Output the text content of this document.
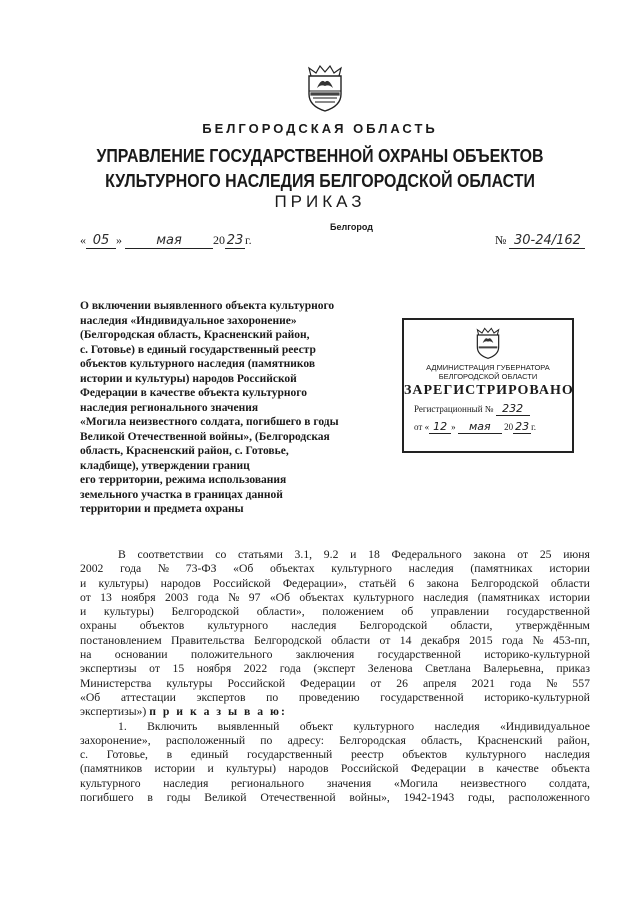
БЕЛГОРОДСКАЯ ОБЛАСТЬ
УПРАВЛЕНИЕ ГОСУДАРСТВЕННОЙ ОХРАНЫ ОБЪЕКТОВ
КУЛЬТУРНОГО НАСЛЕДИЯ БЕЛГОРОДСКОЙ ОБЛАСТИ
ПРИКАЗ
Белгород
« 05 »	мая	20 23 г.	№ 30-24/162
О включении выявленного объекта культурного
наследия «Индивидуальное захоронение»
(Белгородская область, Красненский район,
с. Готовье) в единый государственный реестр
объектов культурного наследия (памятников
истории и культуры) народов Российской
Федерации в качестве объекта культурного
наследия регионального значения
«Могила неизвестного солдата, погибшего в годы
Великой Отечественной войны», (Белгородская
область, Красненский район, с. Готовье,
кладбище), утверждении границ
его территории, режима использования
земельного участка в границах данной
территории и предмета охраны
АДМИНИСТРАЦИЯ ГУБЕРНАТОРА
БЕЛГОРОДСКОЙ ОБЛАСТИ
ЗАРЕГИСТРИРОВАНО
Регистрационный № 232
от « 12 » мая 20 23 г.
В соответствии со статьями 3.1, 9.2 и 18 Федерального закона от 25 июня
2002 года № 73-ФЗ «Об объектах культурного наследия (памятниках истории
и культуры) народов Российской Федерации», статьёй 6 закона Белгородской области
от 13 ноября 2003 года № 97 «Об объектах культурного наследия (памятниках истории
и культуры) Белгородской области», положением об управлении государственной
охраны объектов культурного наследия Белгородской области, утверждённым
постановлением Правительства Белгородской области от 14 декабря 2015 года № 453-пп,
на основании положительного заключения государственной историко-культурной
экспертизы от 15 ноября 2022 года (эксперт Зеленова Светлана Валерьевна, приказ
Министерства культуры Российской Федерации от 26 апреля 2021 года № 557
«Об аттестации экспертов по проведению государственной историко-культурной
экспертизы»)
п р и к а з ы в а ю:
1. Включить выявленный объект культурного наследия «Индивидуальное
захоронение», расположенный по адресу: Белгородская область, Красненский район,
с. Готовье, в единый государственный реестр объектов культурного наследия
(памятников истории и культуры) народов Российской Федерации в качестве объекта
культурного наследия регионального значения «Могила неизвестного солдата,
погибшего в годы Великой Отечественной войны», 1942-1943 годы, расположенного
